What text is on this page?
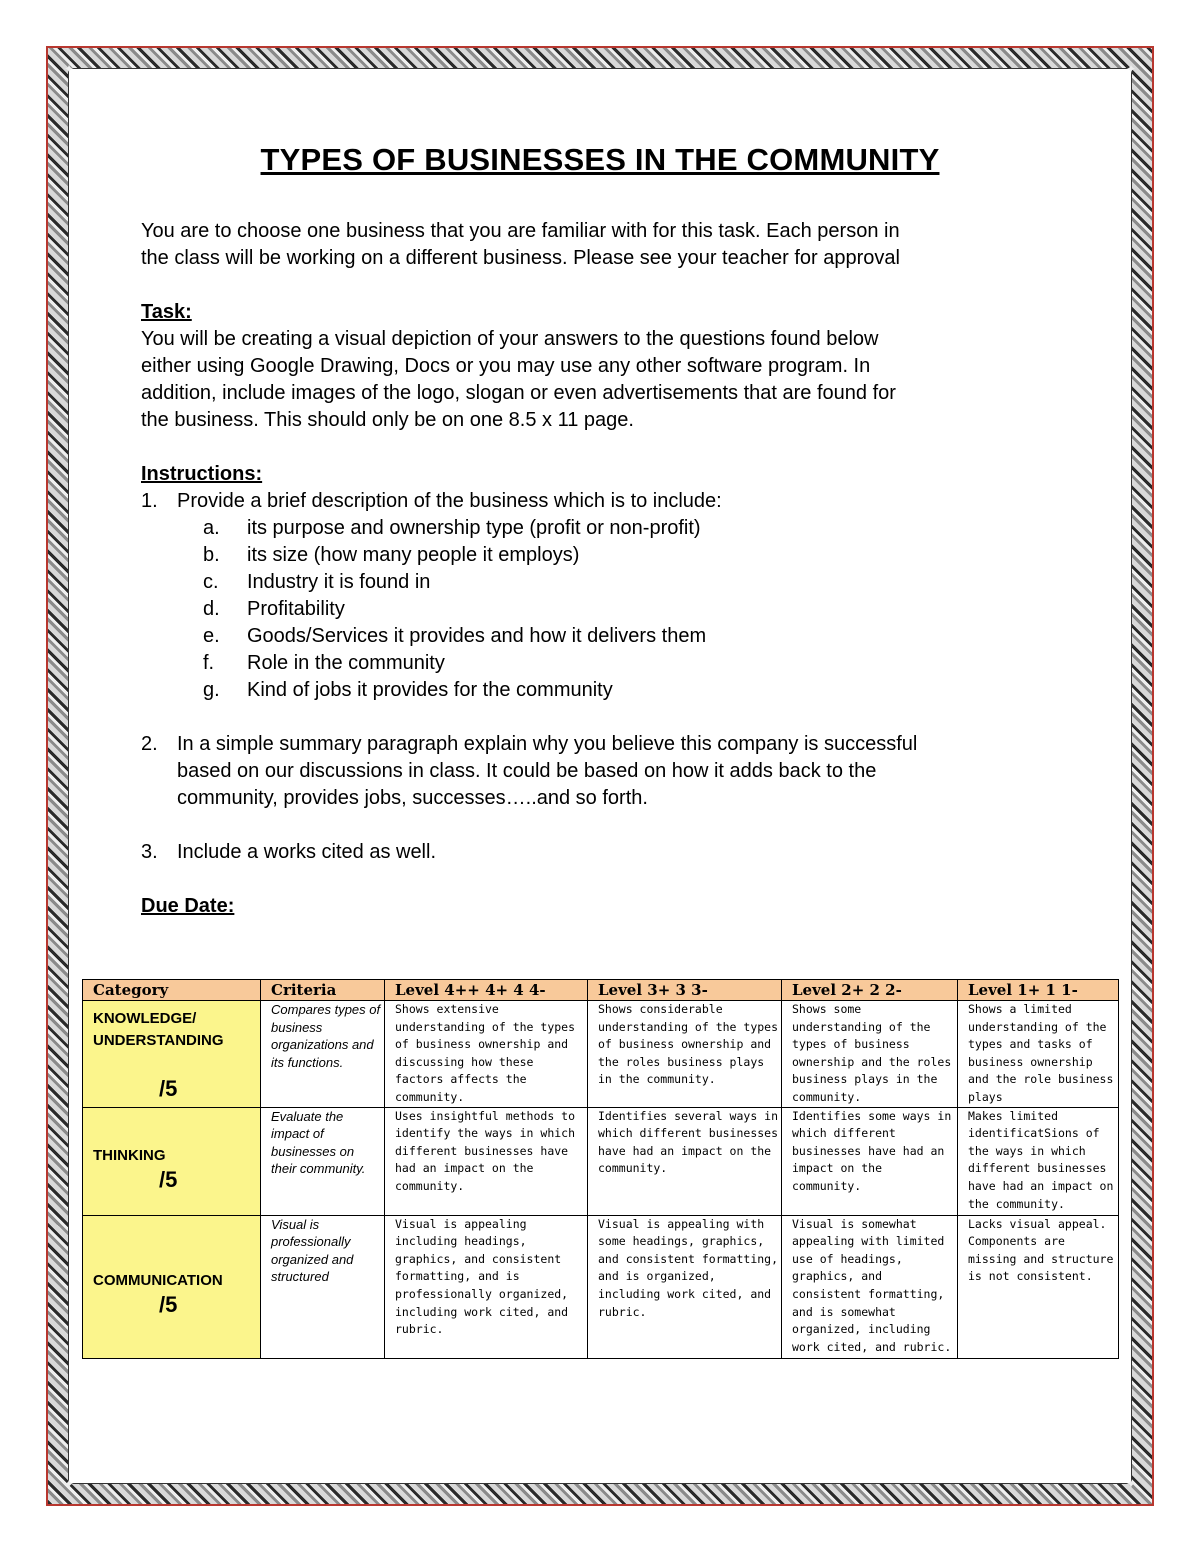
✦	✦
✦	✦
TYPES OF BUSINESSES IN THE COMMUNITY

You are to choose one business that you are familiar with for this task. Each person in

the class will be working on a different business. Please see your teacher for approval

Task:

You will be creating a visual depiction of your answers to the questions found below

either using Google Drawing, Docs or you may use any other software program. In

addition, include images of the logo, slogan or even advertisements that are found for

the business. This should only be on one 8.5 x 11 page.

Instructions:

1. Provide a brief description of the business which is to include:
a.	its purpose and ownership type (profit or non-profit)
b.	its size (how many people it employs)
c.	Industry it is found in
d.	Profitability
e.	Goods/Services it provides and how it delivers them
f.	Role in the community
g.	Kind of jobs it provides for the community
2. In a simple summary paragraph explain why you believe this company is successful

based on our discussions in class. It could be based on how it adds back to the

community, provides jobs, successes…..and so forth.

3. Include a works cited as well.

Due Date:

Category	Criteria	Level 4++ 4+ 4 4-	Level 3+ 3 3-	Level 2+ 2 2-	Level 1+ 1 1-

KNOWLEDGE/
UNDERSTANDING
/5	Compares types of business organizations and its functions.	Shows extensive understanding of the types of business ownership and discussing how these factors affects the community.	Shows considerable understanding of the types of business ownership and the roles business plays in the community.	Shows some understanding of the types of business ownership and the roles business plays in the community.	Shows a limited understanding of the types and tasks of business ownership and the role business plays

THINKING
/5	Evaluate the impact of businesses on their community.	Uses insightful methods to identify the ways in which different businesses have had an impact on the community.	Identifies several ways in which different businesses have had an impact on the community.	Identifies some ways in which different businesses have had an impact on the community.	Makes limited identificatSions of the ways in which different businesses have had an impact on the community.

COMMUNICATION
/5	Visual is professionally organized and structured	Visual is appealing including headings, graphics, and consistent formatting, and is professionally organized, including work cited, and rubric.	Visual is appealing with some headings, graphics, and consistent formatting, and is organized, including work cited, and rubric.	Visual is somewhat appealing with limited use of headings, graphics, and consistent formatting, and is somewhat organized, including work cited, and rubric.	Lacks visual appeal. Components are missing and structure is not consistent.
